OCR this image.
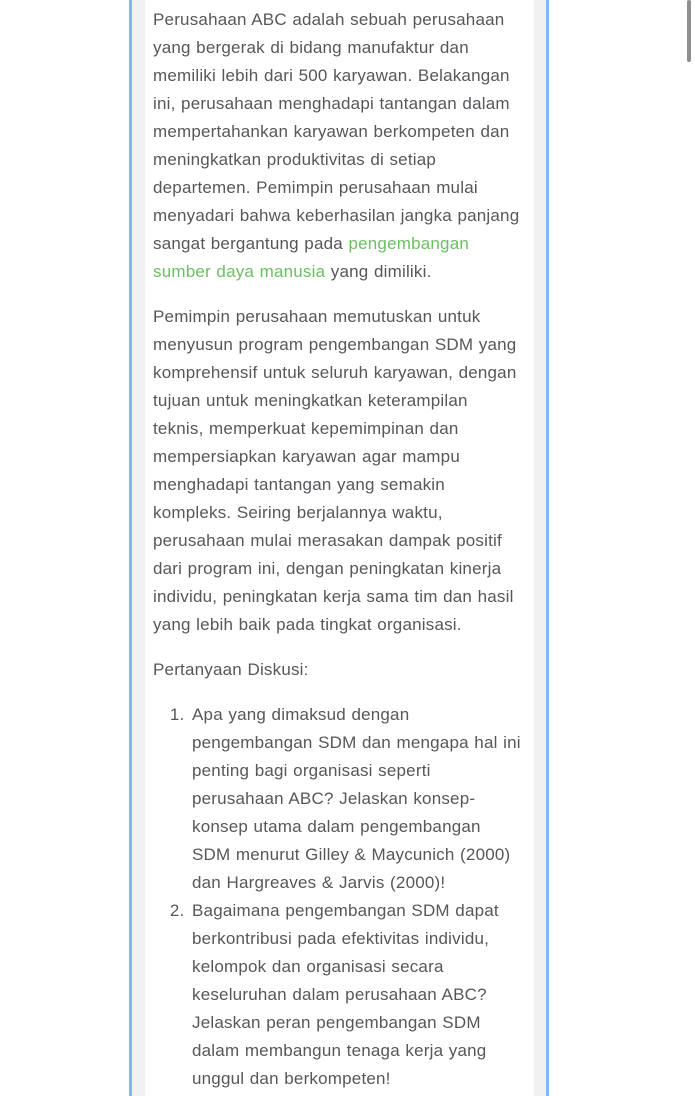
Perusahaan ABC adalah sebuah perusahaan yang bergerak di bidang manufaktur dan memiliki lebih dari 500 karyawan. Belakangan ini, perusahaan menghadapi tantangan dalam mempertahankan karyawan berkompeten dan meningkatkan produktivitas di setiap departemen. Pemimpin perusahaan mulai menyadari bahwa keberhasilan jangka panjang sangat bergantung pada pengembangan sumber daya manusia yang dimiliki.

Pemimpin perusahaan memutuskan untuk menyusun program pengembangan SDM yang komprehensif untuk seluruh karyawan, dengan tujuan untuk meningkatkan keterampilan teknis, memperkuat kepemimpinan dan mempersiapkan karyawan agar mampu menghadapi tantangan yang semakin kompleks. Seiring berjalannya waktu, perusahaan mulai merasakan dampak positif dari program ini, dengan peningkatan kinerja individu, peningkatan kerja sama tim dan hasil yang lebih baik pada tingkat organisasi.

Pertanyaan Diskusi:

1. Apa yang dimaksud dengan pengembangan SDM dan mengapa hal ini penting bagi organisasi seperti perusahaan ABC? Jelaskan konsep-konsep utama dalam pengembangan SDM menurut Gilley & Maycunich (2000) dan Hargreaves & Jarvis (2000)!
2. Bagaimana pengembangan SDM dapat berkontribusi pada efektivitas individu, kelompok dan organisasi secara keseluruhan dalam perusahaan ABC? Jelaskan peran pengembangan SDM dalam membangun tenaga kerja yang unggul dan berkompeten!
